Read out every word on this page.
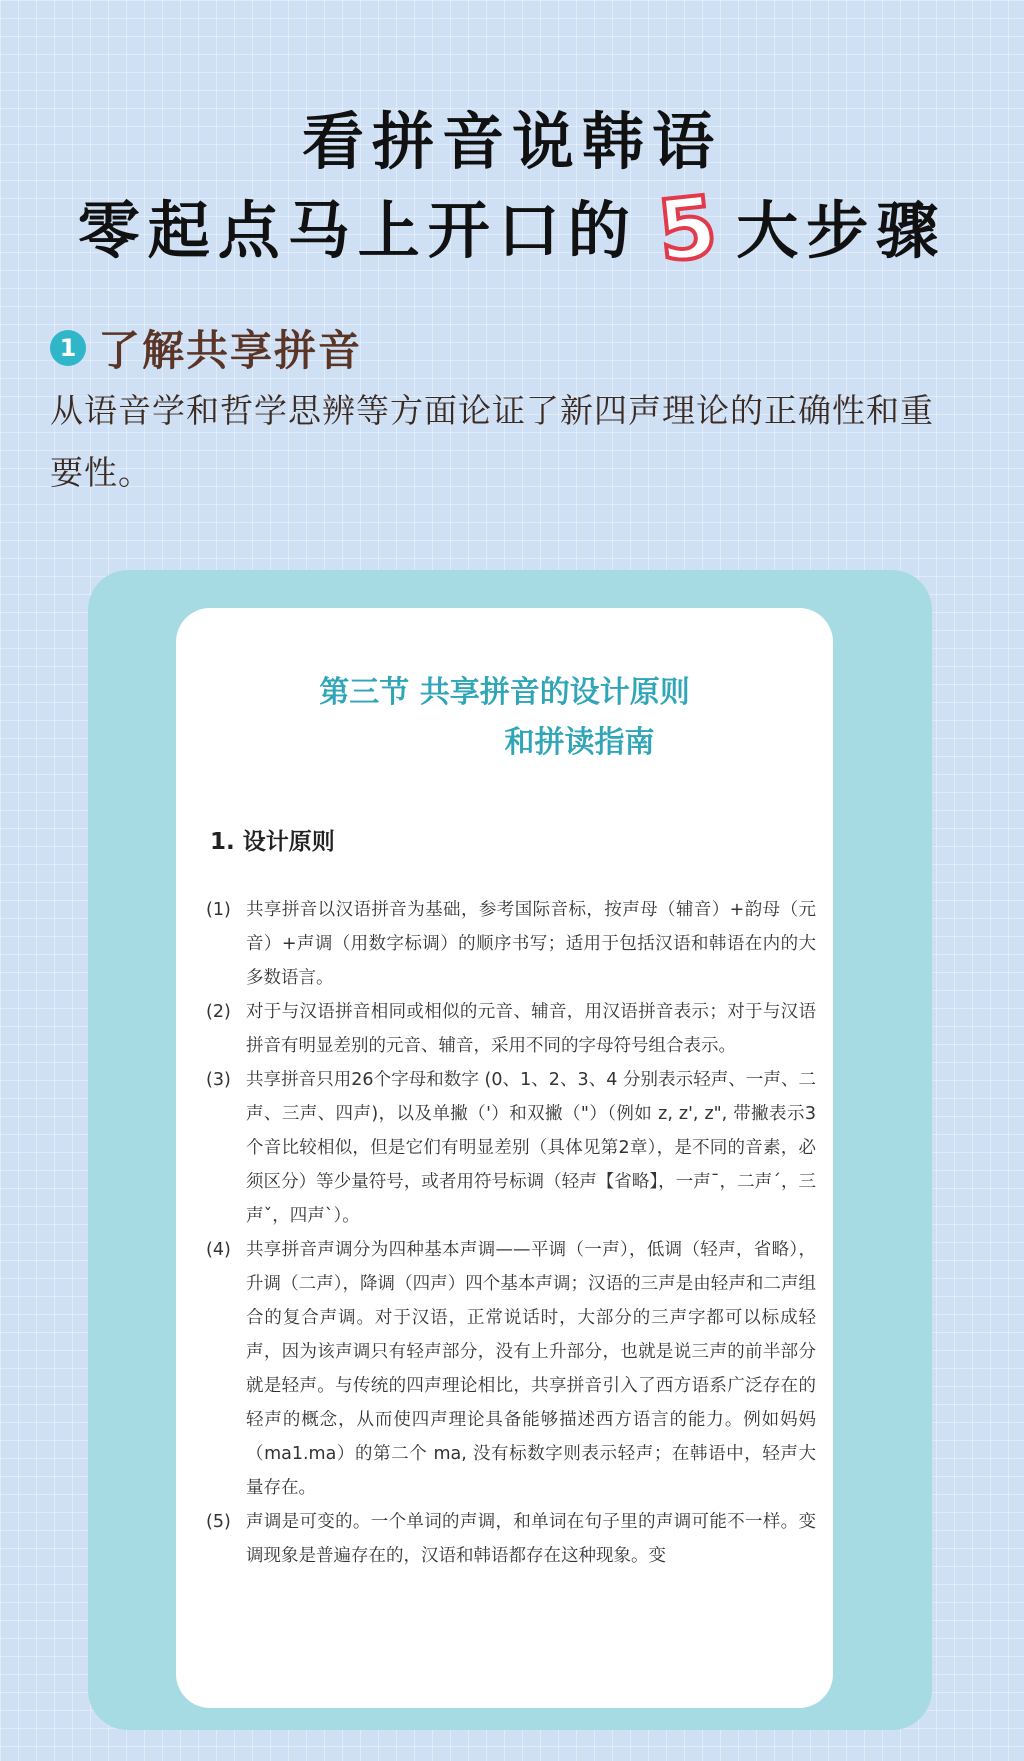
看拼音说韩语
零起点马上开口的 5 大步骤
1 了解共享拼音
从语音学和哲学思辨等方面论证了新四声理论的正确性和重要性。
第三节 共享拼音的设计原则
和拼读指南
1. 设计原则
(1) 共享拼音以汉语拼音为基础，参考国际音标，按声母（辅音）+韵母（元音）+声调（用数字标调）的顺序书写；适用于包括汉语和韩语在内的大多数语言。
(2) 对于与汉语拼音相同或相似的元音、辅音，用汉语拼音表示；对于与汉语拼音有明显差别的元音、辅音，采用不同的字母符号组合表示。
(3) 共享拼音只用26个字母和数字 (0、1、2、3、4 分别表示轻声、一声、二声、三声、四声)，以及单撇（'）和双撇（"）（例如 z, z', z", 带撇表示3个音比较相似，但是它们有明显差别（具体见第2章），是不同的音素，必须区分）等少量符号，或者用符号标调（轻声【省略】，一声ˉ，二声ˊ，三声ˇ，四声ˋ）。
(4) 共享拼音声调分为四种基本声调——平调（一声），低调（轻声，省略），升调（二声），降调（四声）四个基本声调；汉语的三声是由轻声和二声组合的复合声调。对于汉语，正常说话时，大部分的三声字都可以标成轻声，因为该声调只有轻声部分，没有上升部分，也就是说三声的前半部分就是轻声。与传统的四声理论相比，共享拼音引入了西方语系广泛存在的轻声的概念，从而使四声理论具备能够描述西方语言的能力。例如妈妈（ma1.ma）的第二个 ma, 没有标数字则表示轻声；在韩语中，轻声大量存在。
(5) 声调是可变的。一个单词的声调，和单词在句子里的声调可能不一样。变调现象是普遍存在的，汉语和韩语都存在这种现象。变
